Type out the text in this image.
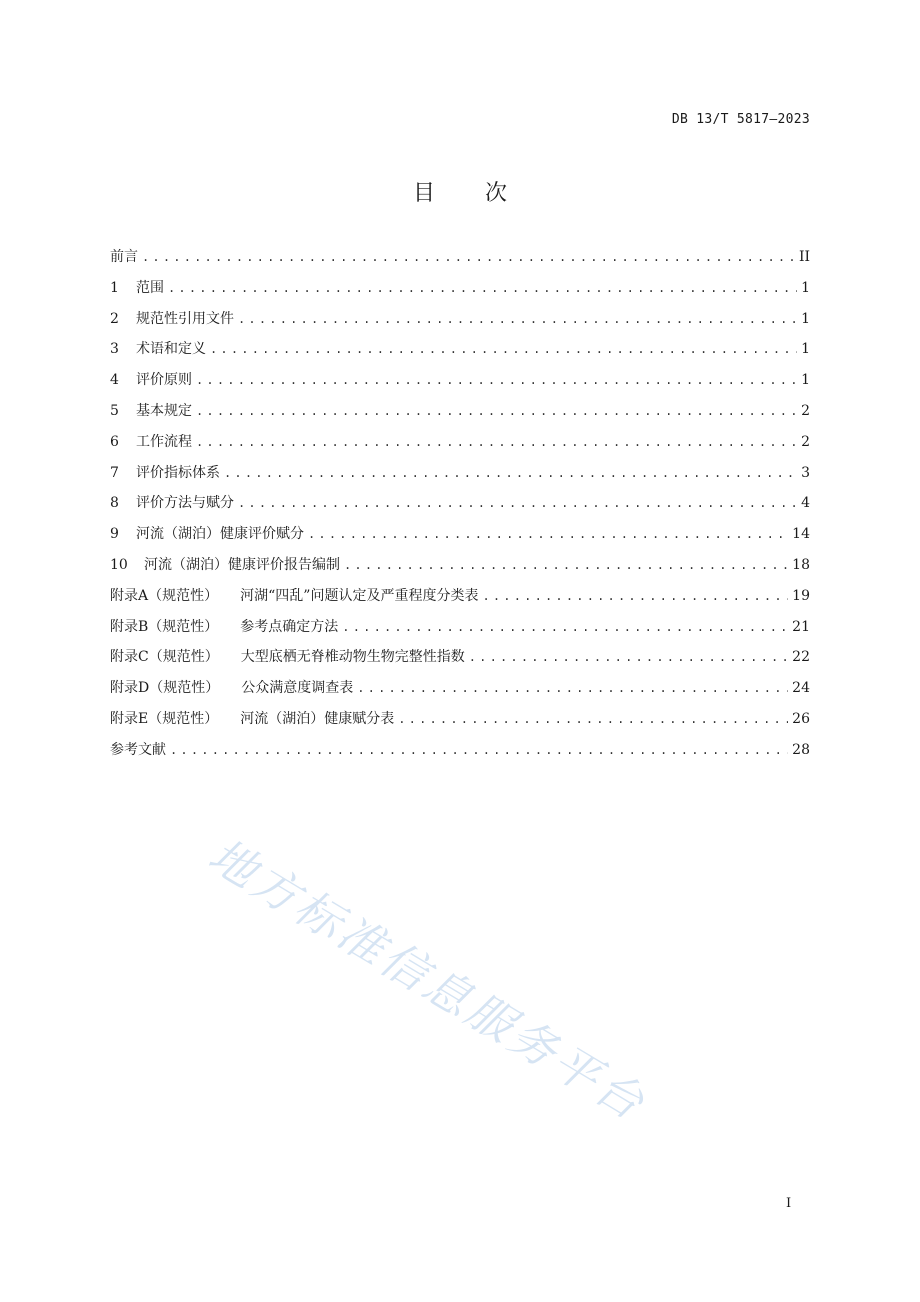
DB 13/T 5817—2023
目 次
前言 .....	II
1	范围 .....	1
2	规范性引用文件 .....	1
3	术语和定义 .....	1
4	评价原则 .....	1
5	基本规定 .....	2
6	工作流程 .....	2
7	评价指标体系 .....	3
8	评价方法与赋分 .....	4
9	河流（湖泊）健康评价赋分 .....	14
10	河流（湖泊）健康评价报告编制 .....	18
附录A（规范性）	河湖“四乱”问题认定及严重程度分类表 .....	19
附录B（规范性）	参考点确定方法 .....	21
附录C（规范性）	大型底栖无脊椎动物生物完整性指数 .....	22
附录D（规范性）	公众满意度调查表 .....	24
附录E（规范性）	河流（湖泊）健康赋分表 .....	26
参考文献 .....	28
地方标准信息服务平台
I
